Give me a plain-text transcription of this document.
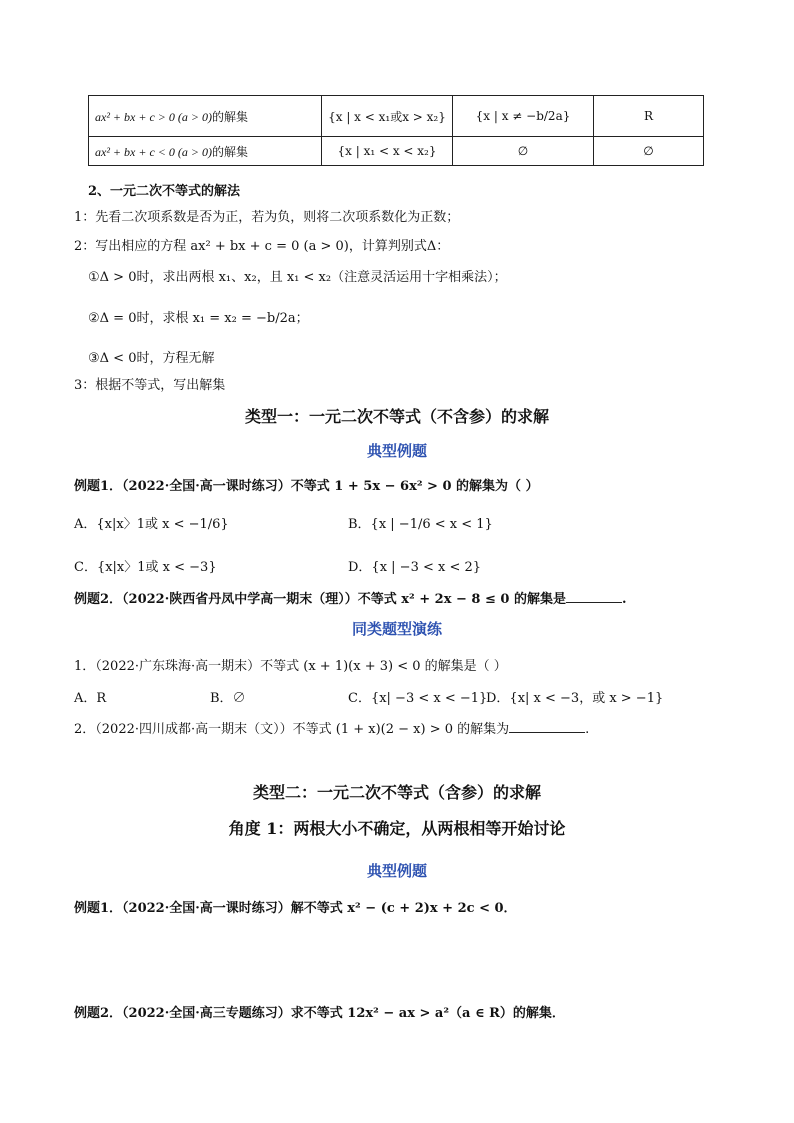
ax² + bx + c > 0 (a > 0)的解集	{x | x < x₁或x > x₂}	{x | x ≠ −b/2a}	R
ax² + bx + c < 0 (a > 0)的解集	{x | x₁ < x < x₂}	∅	∅
2、一元二次不等式的解法
1：先看二次项系数是否为正，若为负，则将二次项系数化为正数；
2：写出相应的方程 ax² + bx + c = 0 (a > 0)，计算判别式Δ：
①Δ > 0时，求出两根 x₁、x₂，且 x₁ < x₂（注意灵活运用十字相乘法）；
②Δ = 0时，求根 x₁ = x₂ = −b/2a；
③Δ < 0时，方程无解
3：根据不等式，写出解集
类型一：一元二次不等式（不含参）的求解
典型例题
例题1．（2022·全国·高一课时练习）不等式 1 + 5x − 6x² > 0 的解集为（ ）
A．{x|x〉1或 x < −1/6}	B．{x | −1/6 < x < 1}
C．{x|x〉1或 x < −3}	D．{x | −3 < x < 2}
例题2．（2022·陕西省丹凤中学高一期末（理））不等式 x² + 2x − 8 ≤ 0 的解集是	.
同类题型演练
1．（2022·广东珠海·高一期末）不等式 (x + 1)(x + 3) < 0 的解集是（ ）
A．R	B．∅	C．{x| −3 < x < −1}
D．{x| x < −3，或 x > −1}
2．（2022·四川成都·高一期末（文））不等式 (1 + x)(2 − x) > 0 的解集为	.
类型二：一元二次不等式（含参）的求解
角度 1：两根大小不确定，从两根相等开始讨论
典型例题
例题1．（2022·全国·高一课时练习）解不等式 x² − (c + 2)x + 2c < 0．
例题2．（2022·全国·高三专题练习）求不等式 12x² − ax > a²（a ∈ R）的解集．
